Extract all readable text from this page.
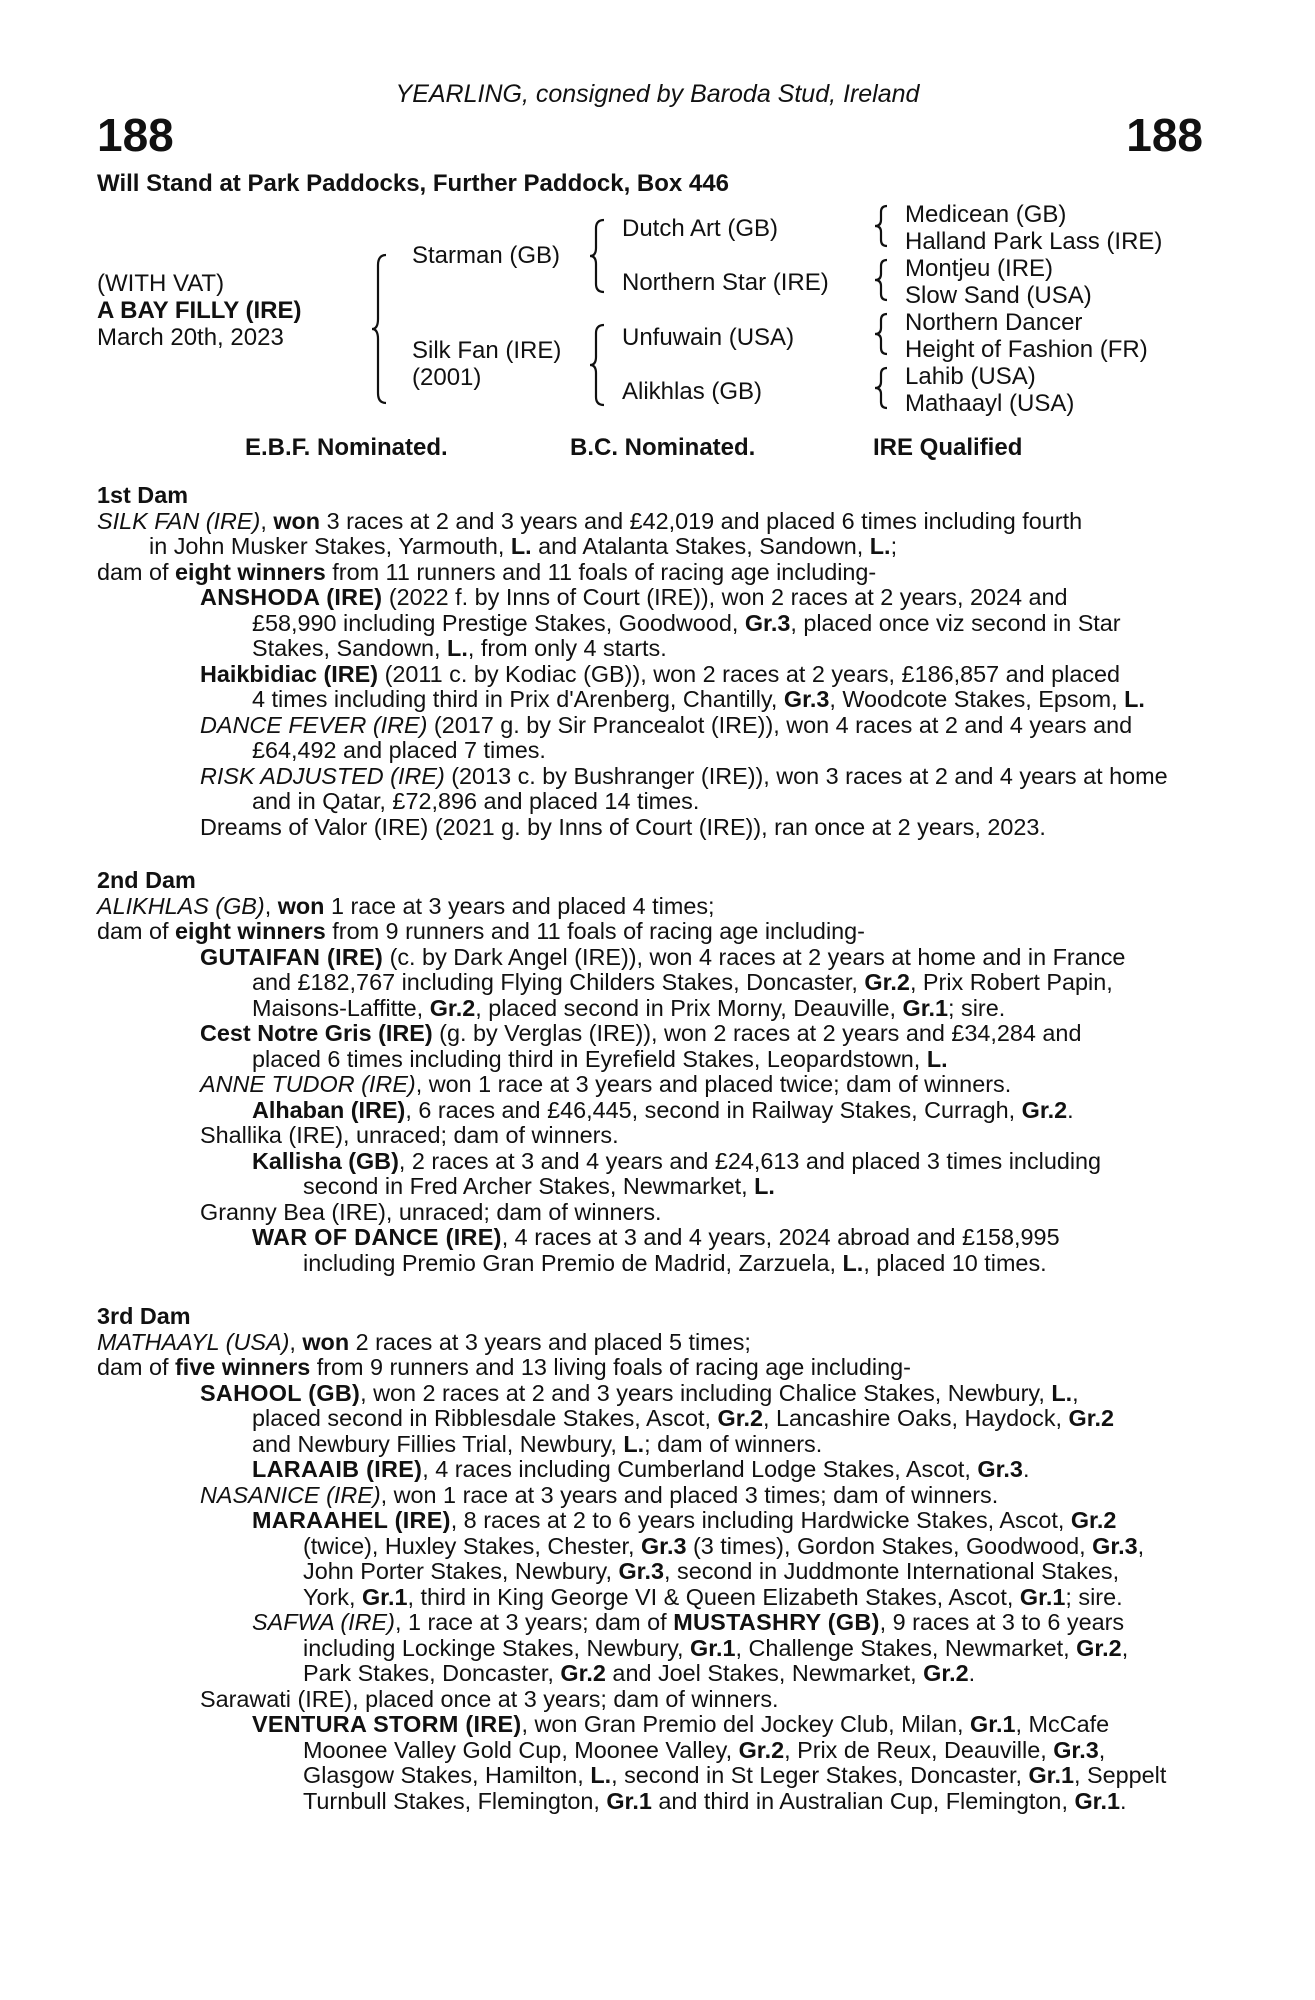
YEARLING, consigned by Baroda Stud, Ireland
188	188
Will Stand at Park Paddocks, Further Paddock, Box 446
(WITH VAT)
A BAY FILLY (IRE)
March 20th, 2023
Starman (GB)
Silk Fan (IRE)
(2001)
Dutch Art (GB)
Northern Star (IRE)
Unfuwain (USA)
Alikhlas (GB)
Medicean (GB)
Halland Park Lass (IRE)
Montjeu (IRE)
Slow Sand (USA)
Northern Dancer
Height of Fashion (FR)
Lahib (USA)
Mathaayl (USA)
E.B.F. Nominated.	B.C. Nominated.	IRE Qualified
1st Dam
SILK FAN (IRE), won 3 races at 2 and 3 years and £42,019 and placed 6 times including fourth
in John Musker Stakes, Yarmouth, L. and Atalanta Stakes, Sandown, L.;
dam of eight winners from 11 runners and 11 foals of racing age including-
ANSHODA (IRE) (2022 f. by Inns of Court (IRE)), won 2 races at 2 years, 2024 and
£58,990 including Prestige Stakes, Goodwood, Gr.3, placed once viz second in Star
Stakes, Sandown, L., from only 4 starts.
Haikbidiac (IRE) (2011 c. by Kodiac (GB)), won 2 races at 2 years, £186,857 and placed
4 times including third in Prix d'Arenberg, Chantilly, Gr.3, Woodcote Stakes, Epsom, L.
DANCE FEVER (IRE) (2017 g. by Sir Prancealot (IRE)), won 4 races at 2 and 4 years and
£64,492 and placed 7 times.
RISK ADJUSTED (IRE) (2013 c. by Bushranger (IRE)), won 3 races at 2 and 4 years at home
and in Qatar, £72,896 and placed 14 times.
Dreams of Valor (IRE) (2021 g. by Inns of Court (IRE)), ran once at 2 years, 2023.
2nd Dam
ALIKHLAS (GB), won 1 race at 3 years and placed 4 times;
dam of eight winners from 9 runners and 11 foals of racing age including-
GUTAIFAN (IRE) (c. by Dark Angel (IRE)), won 4 races at 2 years at home and in France
and £182,767 including Flying Childers Stakes, Doncaster, Gr.2, Prix Robert Papin,
Maisons-Laffitte, Gr.2, placed second in Prix Morny, Deauville, Gr.1; sire.
Cest Notre Gris (IRE) (g. by Verglas (IRE)), won 2 races at 2 years and £34,284 and
placed 6 times including third in Eyrefield Stakes, Leopardstown, L.
ANNE TUDOR (IRE), won 1 race at 3 years and placed twice; dam of winners.
Alhaban (IRE), 6 races and £46,445, second in Railway Stakes, Curragh, Gr.2.
Shallika (IRE), unraced; dam of winners.
Kallisha (GB), 2 races at 3 and 4 years and £24,613 and placed 3 times including
second in Fred Archer Stakes, Newmarket, L.
Granny Bea (IRE), unraced; dam of winners.
WAR OF DANCE (IRE), 4 races at 3 and 4 years, 2024 abroad and £158,995
including Premio Gran Premio de Madrid, Zarzuela, L., placed 10 times.
3rd Dam
MATHAAYL (USA), won 2 races at 3 years and placed 5 times;
dam of five winners from 9 runners and 13 living foals of racing age including-
SAHOOL (GB), won 2 races at 2 and 3 years including Chalice Stakes, Newbury, L.,
placed second in Ribblesdale Stakes, Ascot, Gr.2, Lancashire Oaks, Haydock, Gr.2
and Newbury Fillies Trial, Newbury, L.; dam of winners.
LARAAIB (IRE), 4 races including Cumberland Lodge Stakes, Ascot, Gr.3.
NASANICE (IRE), won 1 race at 3 years and placed 3 times; dam of winners.
MARAAHEL (IRE), 8 races at 2 to 6 years including Hardwicke Stakes, Ascot, Gr.2
(twice), Huxley Stakes, Chester, Gr.3 (3 times), Gordon Stakes, Goodwood, Gr.3,
John Porter Stakes, Newbury, Gr.3, second in Juddmonte International Stakes,
York, Gr.1, third in King George VI & Queen Elizabeth Stakes, Ascot, Gr.1; sire.
SAFWA (IRE), 1 race at 3 years; dam of MUSTASHRY (GB), 9 races at 3 to 6 years
including Lockinge Stakes, Newbury, Gr.1, Challenge Stakes, Newmarket, Gr.2,
Park Stakes, Doncaster, Gr.2 and Joel Stakes, Newmarket, Gr.2.
Sarawati (IRE), placed once at 3 years; dam of winners.
VENTURA STORM (IRE), won Gran Premio del Jockey Club, Milan, Gr.1, McCafe
Moonee Valley Gold Cup, Moonee Valley, Gr.2, Prix de Reux, Deauville, Gr.3,
Glasgow Stakes, Hamilton, L., second in St Leger Stakes, Doncaster, Gr.1, Seppelt
Turnbull Stakes, Flemington, Gr.1 and third in Australian Cup, Flemington, Gr.1.
